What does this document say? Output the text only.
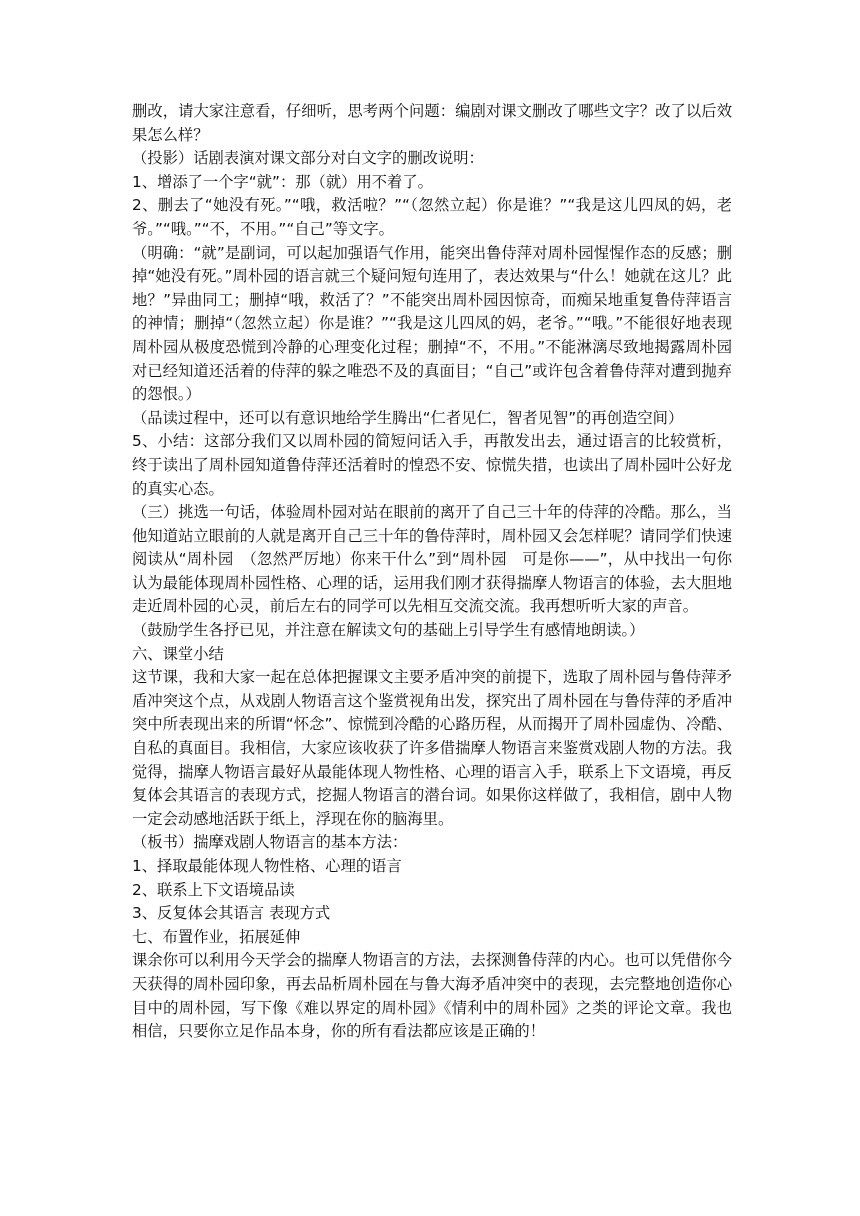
删改，请大家注意看，仔细听，思考两个问题：编剧对课文删改了哪些文字？改了以后效果怎么样？

（投影）话剧表演对课文部分对白文字的删改说明：

1、增添了一个字“就”：那（就）用不着了。

2、删去了“她没有死。”“哦，救活啦？”“（忽然立起）你是谁？”“我是这儿四凤的妈，老爷。”“哦。”“不，不用。”“自己”等文字。

（明确：“就”是副词，可以起加强语气作用，能突出鲁侍萍对周朴园惺惺作态的反感；删掉“她没有死。”周朴园的语言就三个疑问短句连用了，表达效果与“什么！她就在这儿？此地？”异曲同工；删掉“哦，救活了？”不能突出周朴园因惊奇，而痴呆地重复鲁侍萍语言的神情；删掉“（忽然立起）你是谁？”“我是这儿四凤的妈，老爷。”“哦。”不能很好地表现周朴园从极度恐慌到冷静的心理变化过程；删掉“不，不用。”不能淋漓尽致地揭露周朴园对已经知道还活着的侍萍的躲之唯恐不及的真面目；“自己”或许包含着鲁侍萍对遭到抛弃的怨恨。）

（品读过程中，还可以有意识地给学生腾出“仁者见仁，智者见智”的再创造空间）

5、小结：这部分我们又以周朴园的简短问话入手，再散发出去，通过语言的比较赏析，终于读出了周朴园知道鲁侍萍还活着时的惶恐不安、惊慌失措，也读出了周朴园叶公好龙的真实心态。

（三）挑选一句话，体验周朴园对站在眼前的离开了自己三十年的侍萍的冷酷。那么，当他知道站立眼前的人就是离开自己三十年的鲁侍萍时，周朴园又会怎样呢？请同学们快速阅读从“周朴园　（忽然严厉地）你来干什么”到“周朴园　可是你——”，从中找出一句你认为最能体现周朴园性格、心理的话，运用我们刚才获得揣摩人物语言的体验，去大胆地走近周朴园的心灵，前后左右的同学可以先相互交流交流。我再想听听大家的声音。

（鼓励学生各抒已见，并注意在解读文句的基础上引导学生有感情地朗读。）

六、课堂小结

这节课，我和大家一起在总体把握课文主要矛盾冲突的前提下，选取了周朴园与鲁侍萍矛盾冲突这个点，从戏剧人物语言这个鉴赏视角出发，探究出了周朴园在与鲁侍萍的矛盾冲突中所表现出来的所谓“怀念”、惊慌到冷酷的心路历程，从而揭开了周朴园虚伪、冷酷、自私的真面目。我相信，大家应该收获了许多借揣摩人物语言来鉴赏戏剧人物的方法。我觉得，揣摩人物语言最好从最能体现人物性格、心理的语言入手，联系上下文语境，再反复体会其语言的表现方式，挖掘人物语言的潜台词。如果你这样做了，我相信，剧中人物一定会动感地活跃于纸上，浮现在你的脑海里。

（板书）揣摩戏剧人物语言的基本方法：

1、择取最能体现人物性格、心理的语言

2、联系上下文语境品读

3、反复体会其语言 表现方式

七、布置作业，拓展延伸

课余你可以利用今天学会的揣摩人物语言的方法，去探测鲁侍萍的内心。也可以凭借你今天获得的周朴园印象，再去品析周朴园在与鲁大海矛盾冲突中的表现，去完整地创造你心目中的周朴园，写下像《难以界定的周朴园》《情利中的周朴园》之类的评论文章。我也相信，只要你立足作品本身，你的所有看法都应该是正确的！
